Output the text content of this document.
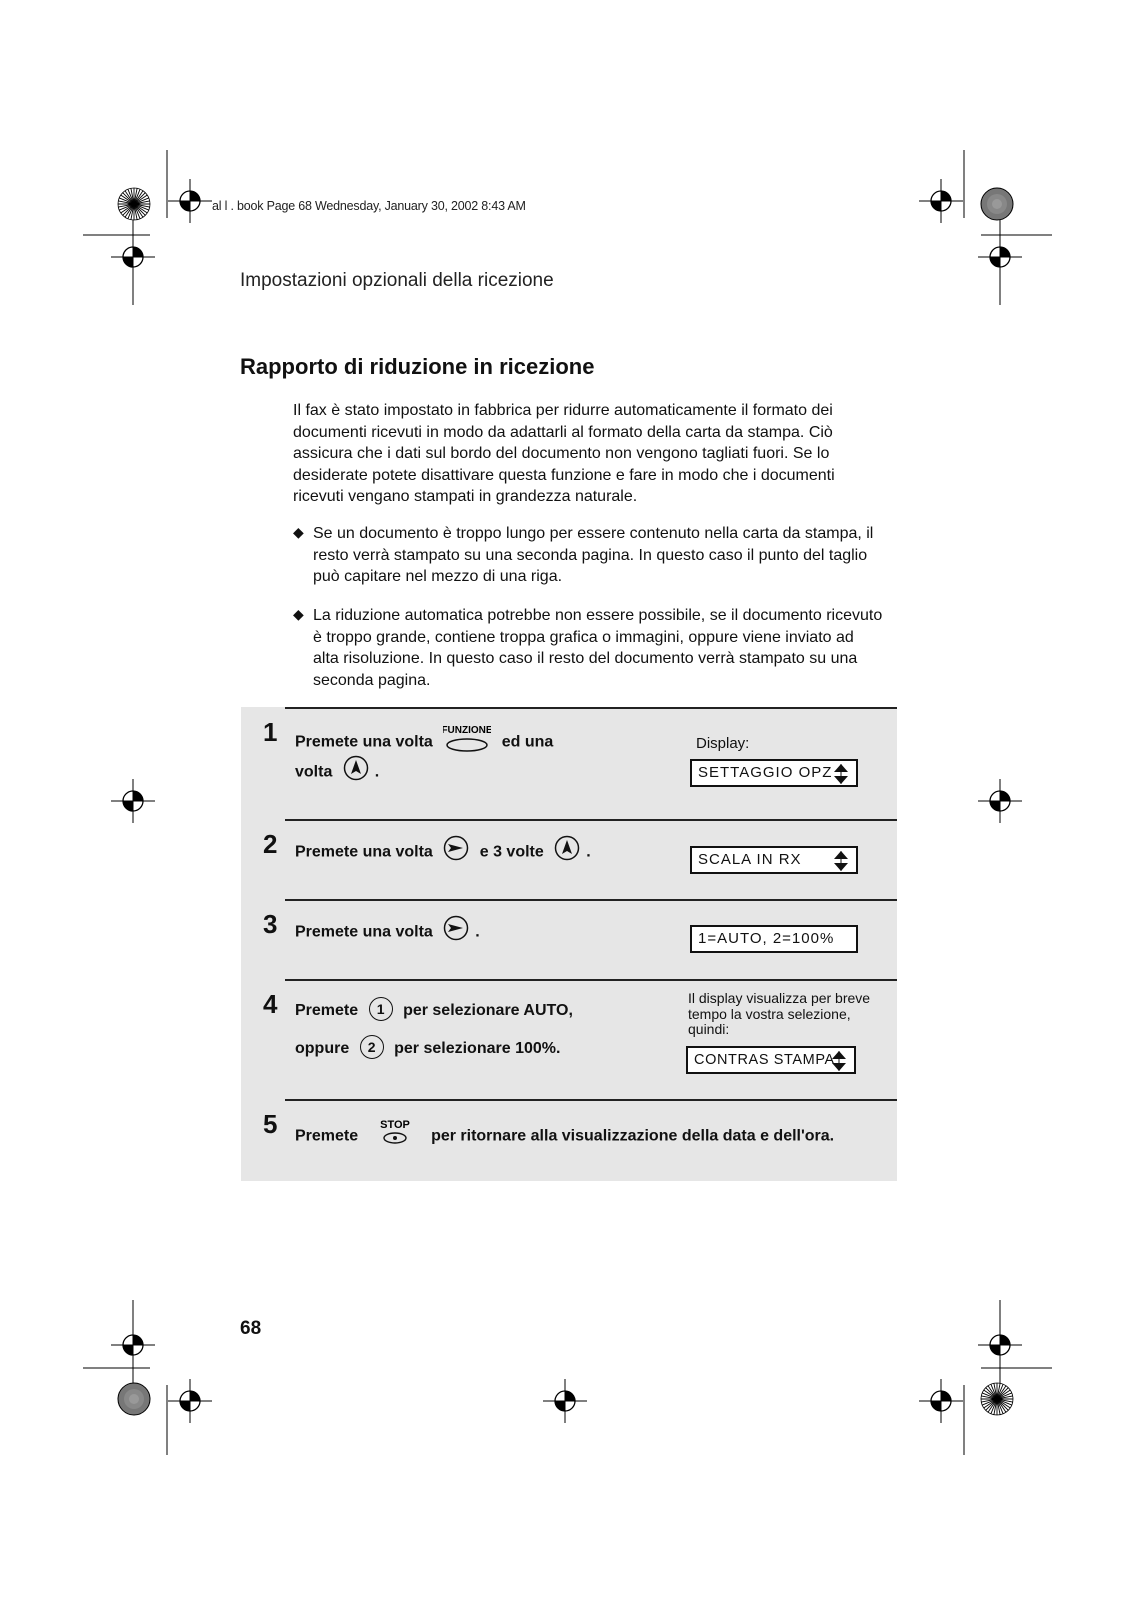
al l . book Page 68 Wednesday, January 30, 2002 8:43 AM
Impostazioni opzionali della ricezione
Rapporto di riduzione in ricezione
Il fax è stato impostato in fabbrica per ridurre automaticamente il formato dei documenti ricevuti in modo da adattarli al formato della carta da stampa. Ciò assicura che i dati sul bordo del documento non vengono tagliati fuori. Se lo desiderate potete disattivare questa funzione e fare in modo che i documenti ricevuti vengano stampati in grandezza naturale.
◆ Se un documento è troppo lungo per essere contenuto nella carta da stampa, il resto verrà stampato su una seconda pagina. In questo caso il punto del taglio può capitare nel mezzo di una riga.
◆ La riduzione automatica potrebbe non essere possibile, se il documento ricevuto è troppo grande, contiene troppa grafica o immagini, oppure viene inviato ad alta risoluzione. In questo caso il resto del documento verrà stampato su una seconda pagina.
1 Premete una volta
FUNZIONE
ed una
volta	.
Display:
SETTAGGIO OPZ
2 Premete una volta	e 3 volte	.	SCALA IN RX
3 Premete una volta	.	1=AUTO, 2=100%
4 Premete 1 per selezionare AUTO,
oppure 2 per selezionare 100%.
Il display visualizza per breve tempo la vostra selezione, quindi:
CONTRAS STAMPA
5 Premete
STOP
per ritornare alla visualizzazione della data e dell'ora.
68
